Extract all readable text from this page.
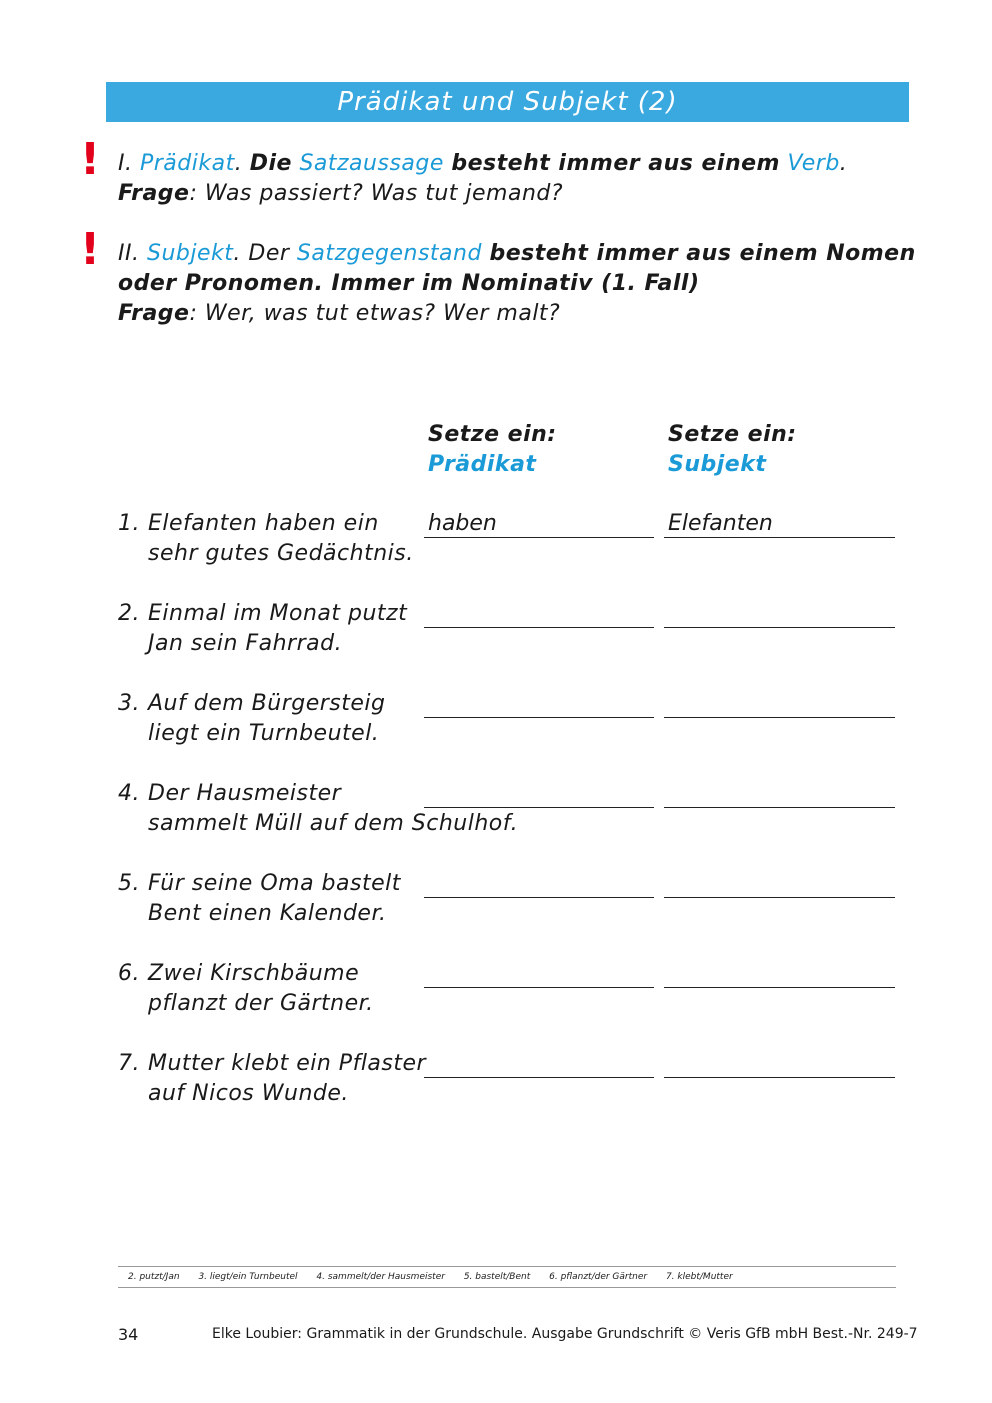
Prädikat und Subjekt (2)
! I. Prädikat. Die Satzaussage besteht immer aus einem Verb.
Frage: Was passiert? Was tut jemand?
! II. Subjekt. Der Satzgegenstand besteht immer aus einem Nomen
oder Pronomen. Immer im Nominativ (1. Fall)
Frage: Wer, was tut etwas? Wer malt?
Setze ein:
Prädikat
Setze ein:
Subjekt
1. Elefanten haben ein
sehr gutes Gedächtnis.
haben	Elefanten
2. Einmal im Monat putzt
Jan sein Fahrrad.
3. Auf dem Bürgersteig
liegt ein Turnbeutel.
4. Der Hausmeister
sammelt Müll auf dem Schulhof.
5. Für seine Oma bastelt
Bent einen Kalender.
6. Zwei Kirschbäume
pflanzt der Gärtner.
7. Mutter klebt ein Pflaster
auf Nicos Wunde.
2. putzt/Jan 3. liegt/ein Turnbeutel 4. sammelt/der Hausmeister 5. bastelt/Bent 6. pflanzt/der Gärtner 7. klebt/Mutter
34	Elke Loubier: Grammatik in der Grundschule. Ausgabe Grundschrift © Veris GfB mbH Best.-Nr. 249-7
